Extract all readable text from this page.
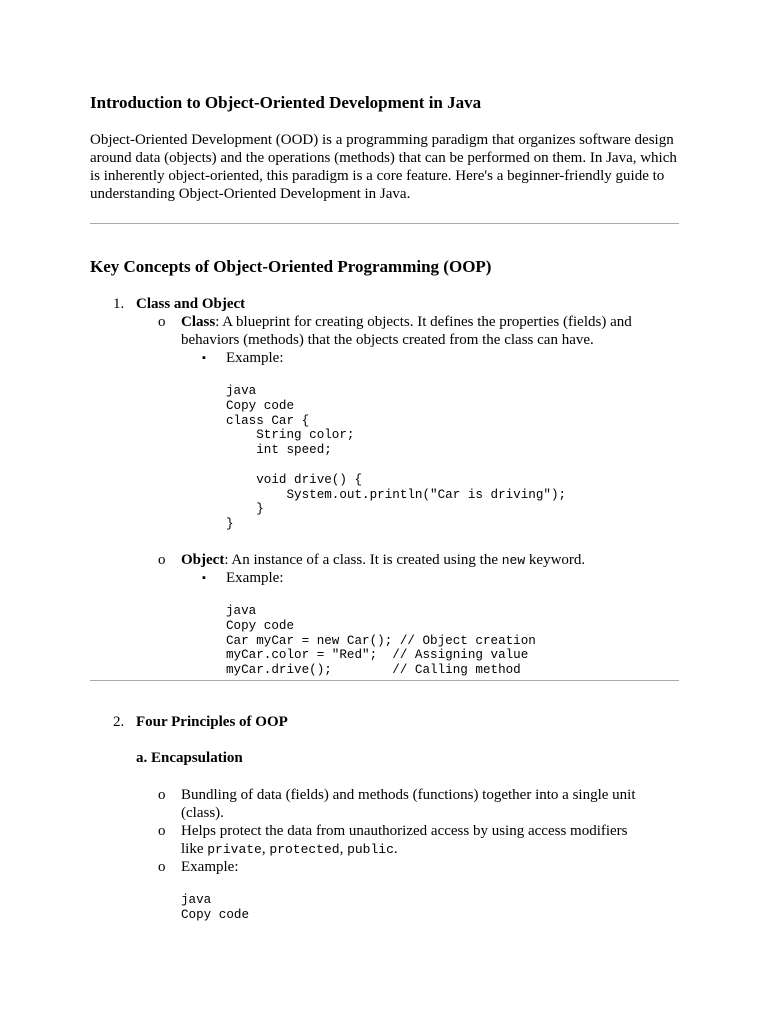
Introduction to Object-Oriented Development in Java
Object-Oriented Development (OOD) is a programming paradigm that organizes software design around data (objects) and the operations (methods) that can be performed on them. In Java, which is inherently object-oriented, this paradigm is a core feature. Here's a beginner-friendly guide to understanding Object-Oriented Development in Java.
Key Concepts of Object-Oriented Programming (OOP)
1. Class and Object
o Class: A blueprint for creating objects. It defines the properties (fields) and behaviors (methods) that the objects created from the class can have.
▪ Example:
java
Copy code
class Car {
String color;
int speed;

void drive() {
System.out.println("Car is driving");
}
}
o Object: An instance of a class. It is created using the new keyword.
▪ Example:
java
Copy code
Car myCar = new Car(); // Object creation
myCar.color = "Red";  // Assigning value
myCar.drive();        // Calling method
2. Four Principles of OOP
a. Encapsulation
o Bundling of data (fields) and methods (functions) together into a single unit (class).
o Helps protect the data from unauthorized access by using access modifiers like private, protected, public.
o Example:
java
Copy code
